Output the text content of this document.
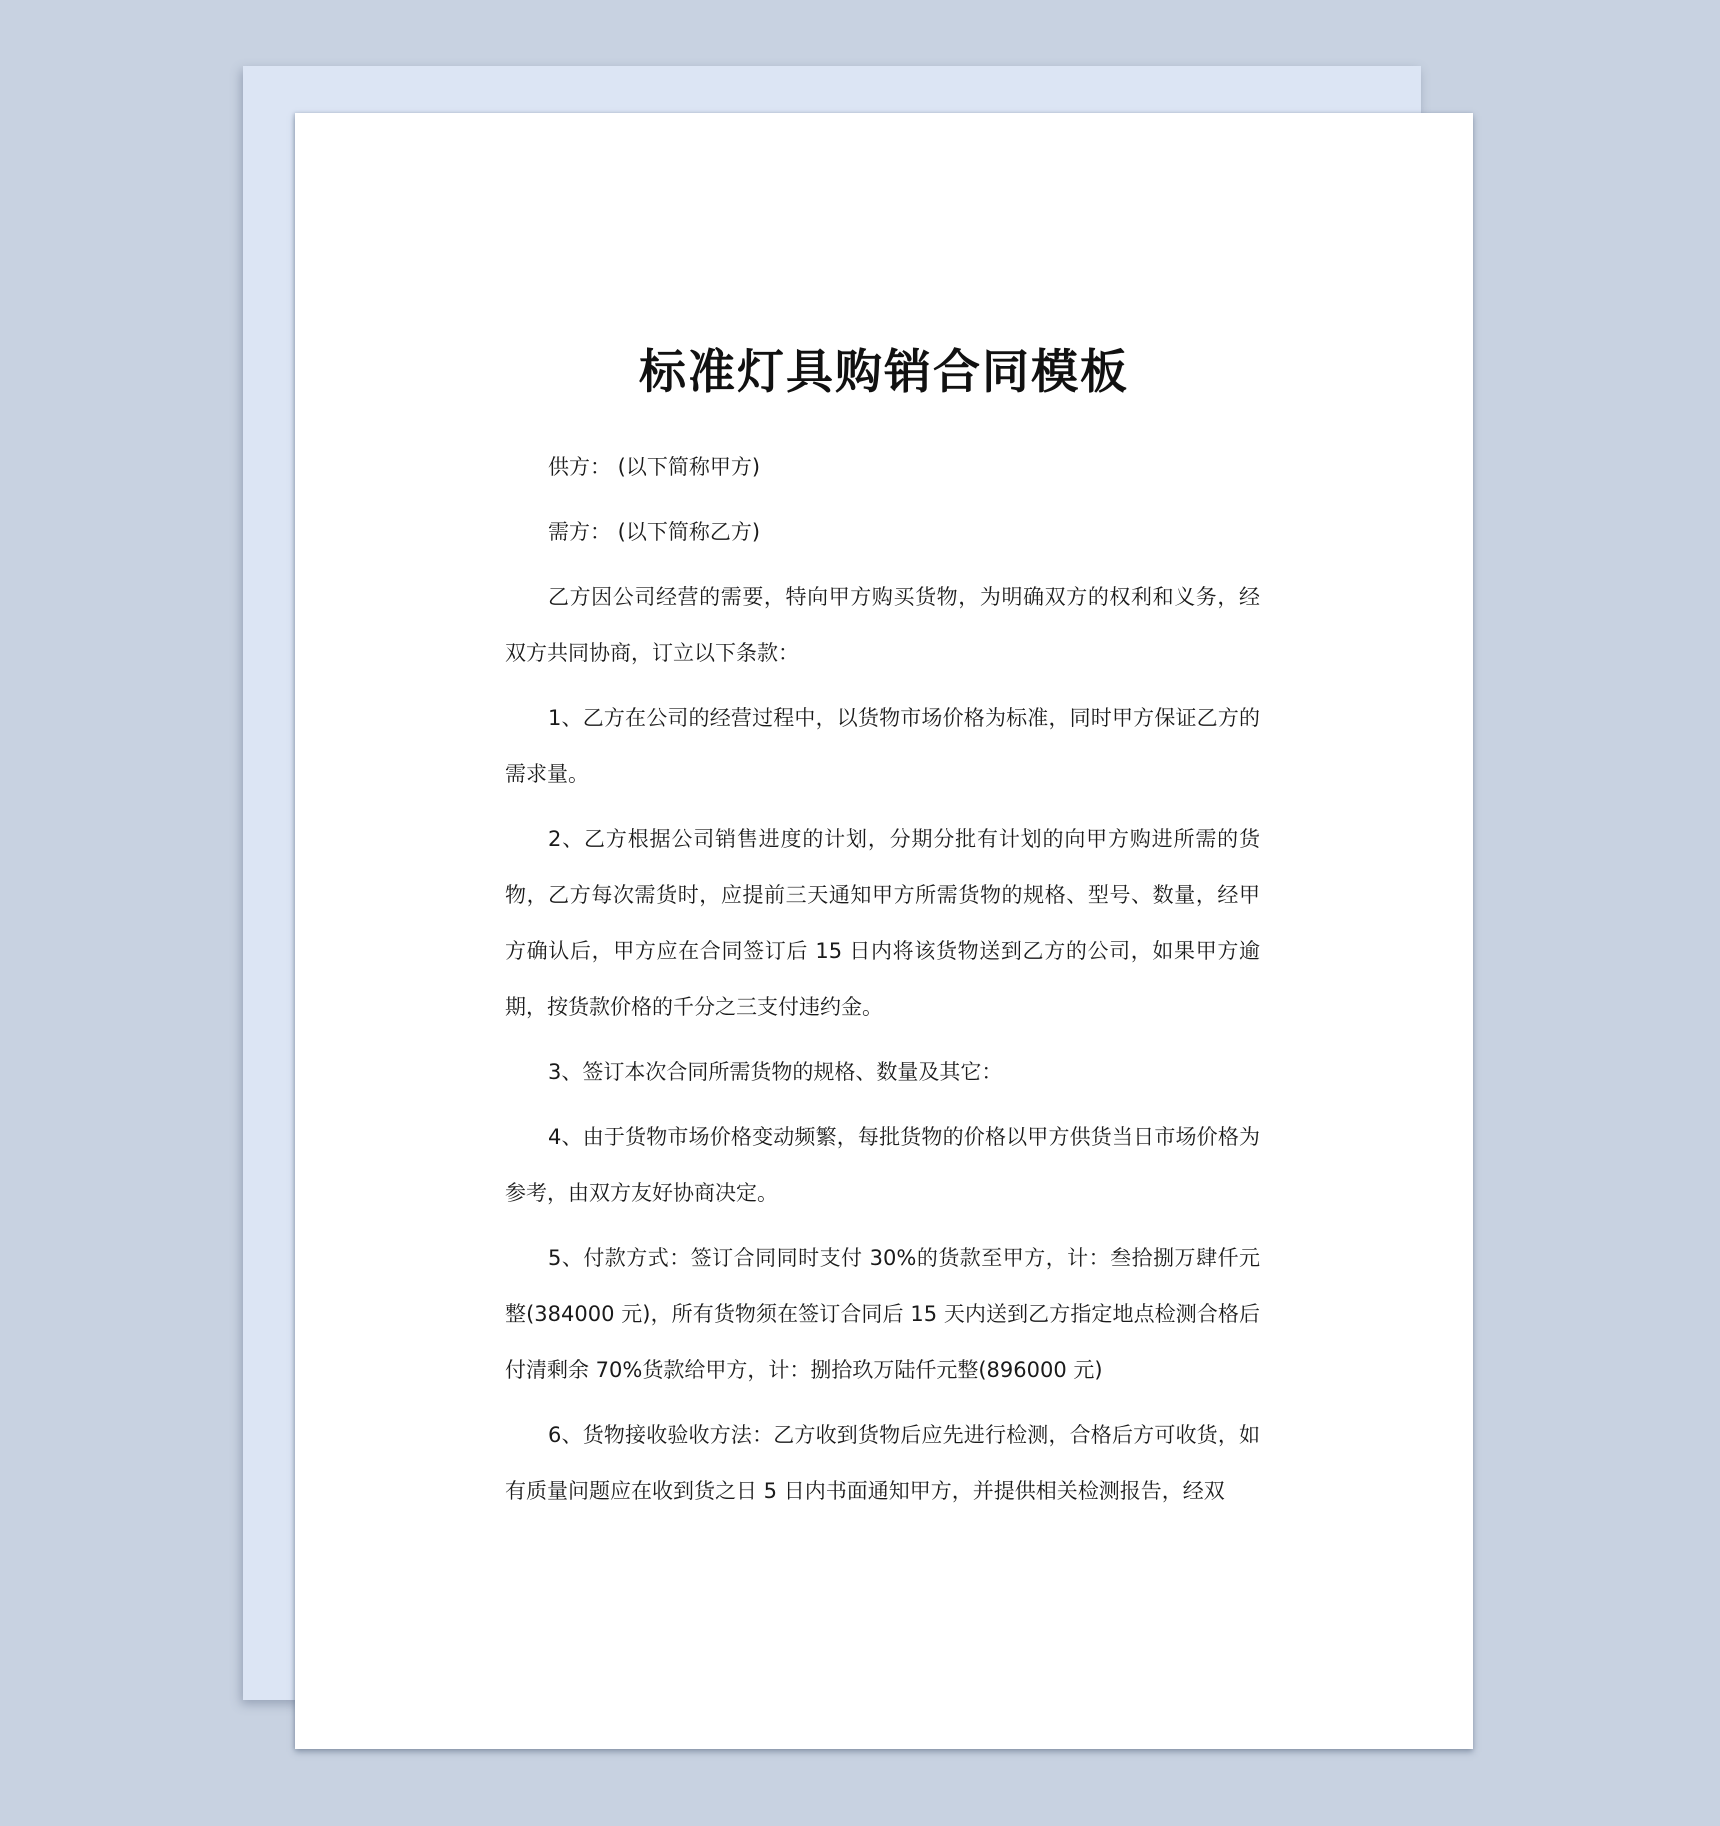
标准灯具购销合同模板

供方： (以下简称甲方)

需方： (以下简称乙方)

乙方因公司经营的需要，特向甲方购买货物，为明确双方的权利和义务，经双方共同协商，订立以下条款：

1、乙方在公司的经营过程中，以货物市场价格为标准，同时甲方保证乙方的需求量。

2、乙方根据公司销售进度的计划，分期分批有计划的向甲方购进所需的货物，乙方每次需货时，应提前三天通知甲方所需货物的规格、型号、数量，经甲方确认后，甲方应在合同签订后 15 日内将该货物送到乙方的公司，如果甲方逾期，按货款价格的千分之三支付违约金。

3、签订本次合同所需货物的规格、数量及其它：

4、由于货物市场价格变动频繁，每批货物的价格以甲方供货当日市场价格为参考，由双方友好协商决定。

5、付款方式：签订合同同时支付 30%的货款至甲方，计：叁拾捌万肆仟元整(384000 元)，所有货物须在签订合同后 15 天内送到乙方指定地点检测合格后付清剩余 70%货款给甲方，计：捌拾玖万陆仟元整(896000 元)

6、货物接收验收方法：乙方收到货物后应先进行检测，合格后方可收货，如有质量问题应在收到货之日 5 日内书面通知甲方，并提供相关检测报告，经双
